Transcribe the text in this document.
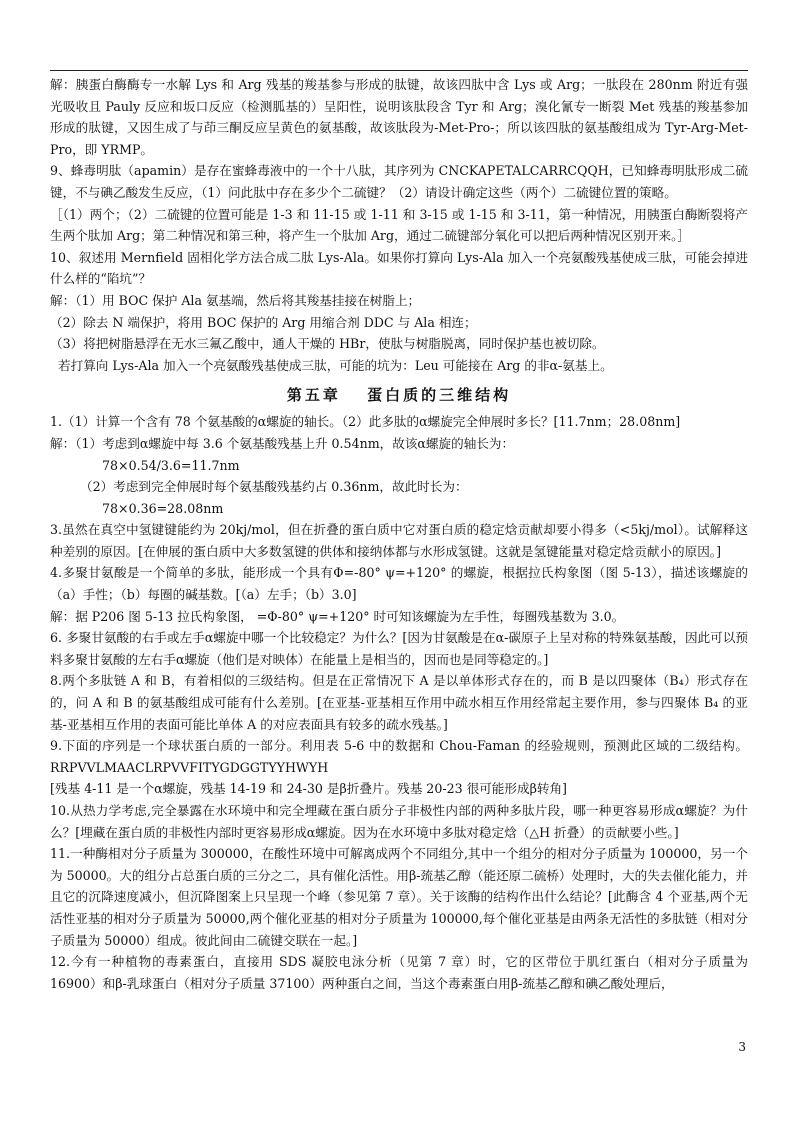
解：胰蛋白酶酶专一水解 Lys 和 Arg 残基的羧基参与形成的肽键，故该四肽中含 Lys 或 Arg；一肽段在 280nm 附近有强光吸收且 Pauly 反应和坂口反应（检测胍基的）呈阳性，说明该肽段含 Tyr 和 Arg；溴化氰专一断裂 Met 残基的羧基参加形成的肽键，又因生成了与茚三酮反应呈黄色的氨基酸，故该肽段为-Met-Pro-；所以该四肽的氨基酸组成为 Tyr-Arg-Met-Pro，即 YRMP。

9、蜂毒明肽（apamin）是存在蜜蜂毒液中的一个十八肽，其序列为 CNCKAPETALCARRCQQH，已知蜂毒明肽形成二硫键，不与碘乙酸发生反应，（1）问此肽中存在多少个二硫键？（2）请设计确定这些（两个）二硫键位置的策略。

［（1）两个；（2）二硫键的位置可能是 1-3 和 11-15 或 1-11 和 3-15 或 1-15 和 3-11，第一种情况，用胰蛋白酶断裂将产生两个肽加 Arg；第二种情况和第三种，将产生一个肽加 Arg，通过二硫键部分氧化可以把后两种情况区别开来。］

10、叙述用 Mernfield 固相化学方法合成二肽 Lys-Ala。如果你打算向 Lys-Ala 加入一个亮氨酸残基使成三肽，可能会掉进什么样的“陷坑”？

解：（1）用 BOC 保护 Ala 氨基端，然后将其羧基挂接在树脂上；

（2）除去 N 端保护，将用 BOC 保护的 Arg 用缩合剂 DDC 与 Ala 相连；

（3）将把树脂悬浮在无水三氟乙酸中，通人干燥的 HBr，使肽与树脂脱离，同时保护基也被切除。

若打算向 Lys-Ala 加入一个亮氨酸残基使成三肽，可能的坑为：Leu 可能接在 Arg 的非α-氨基上。

第五章　 蛋白质的三维结构

1.（1）计算一个含有 78 个氨基酸的α螺旋的轴长。（2）此多肽的α螺旋完全伸展时多长？[11.7nm；28.08nm]

解：（1）考虑到α螺旋中每 3.6 个氨基酸残基上升 0.54nm，故该α螺旋的轴长为：

78×0.54/3.6=11.7nm

（2）考虑到完全伸展时每个氨基酸残基约占 0.36nm，故此时长为：

78×0.36=28.08nm

3.虽然在真空中氢键键能约为 20kj/mol，但在折叠的蛋白质中它对蛋白质的稳定焓贡献却要小得多（<5kj/mol）。试解释这种差别的原因。[在伸展的蛋白质中大多数氢键的供体和接纳体都与水形成氢键。这就是氢键能量对稳定焓贡献小的原因。]

4.多聚甘氨酸是一个简单的多肽，能形成一个具有Φ=-80° ψ=+120° 的螺旋，根据拉氏构象图（图 5-13），描述该螺旋的（a）手性；（b）每圈的碱基数。[（a）左手；（b）3.0]

解：据 P206 图 5-13 拉氏构象图， =Φ-80° ψ=+120° 时可知该螺旋为左手性，每圈残基数为 3.0。

6. 多聚甘氨酸的右手或左手α螺旋中哪一个比较稳定？为什么？[因为甘氨酸是在α-碳原子上呈对称的特殊氨基酸，因此可以预料多聚甘氨酸的左右手α螺旋（他们是对映体）在能量上是相当的，因而也是同等稳定的。]

8.两个多肽链 A 和 B，有着相似的三级结构。但是在正常情况下 A 是以单体形式存在的，而 B 是以四聚体（B₄）形式存在的，问 A 和 B 的氨基酸组成可能有什么差别。[在亚基-亚基相互作用中疏水相互作用经常起主要作用，参与四聚体 B₄ 的亚基-亚基相互作用的表面可能比单体 A 的对应表面具有较多的疏水残基。]

9.下面的序列是一个球状蛋白质的一部分。利用表 5-6 中的数据和 Chou-Faman 的经验规则，预测此区域的二级结构。RRPVVLMAACLRPVVFITYGDGGTYYHWYH

[残基 4-11 是一个α螺旋，残基 14-19 和 24-30 是β折叠片。残基 20-23 很可能形成β转角]

10.从热力学考虑,完全暴露在水环境中和完全埋藏在蛋白质分子非极性内部的两种多肽片段，哪一种更容易形成α螺旋？为什么？[埋藏在蛋白质的非极性内部时更容易形成α螺旋。因为在水环境中多肽对稳定焓（△H 折叠）的贡献要小些。]

11.一种酶相对分子质量为 300000，在酸性环境中可解离成两个不同组分,其中一个组分的相对分子质量为 100000，另一个为 50000。大的组分占总蛋白质的三分之二，具有催化活性。用β-巯基乙醇（能还原二硫桥）处理时，大的失去催化能力，并且它的沉降速度减小，但沉降图案上只呈现一个峰（参见第 7 章）。关于该酶的结构作出什么结论？[此酶含 4 个亚基,两个无活性亚基的相对分子质量为 50000,两个催化亚基的相对分子质量为 100000,每个催化亚基是由两条无活性的多肽链（相对分子质量为 50000）组成。彼此间由二硫键交联在一起。]

12.今有一种植物的毒素蛋白，直接用 SDS 凝胶电泳分析（见第 7 章）时，它的区带位于肌红蛋白（相对分子质量为 16900）和β-乳球蛋白（相对分子质量 37100）两种蛋白之间，当这个毒素蛋白用β-巯基乙醇和碘乙酸处理后，

3
